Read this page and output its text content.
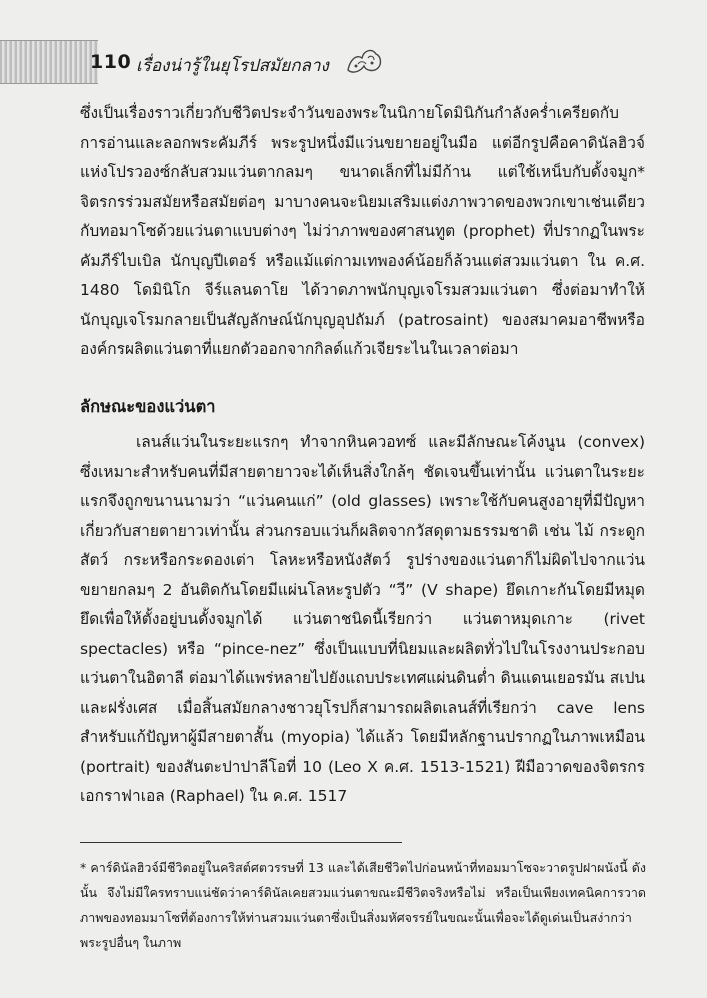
110 เรื่องน่ารู้ในยุโรปสมัยกลาง

ซึ่งเป็นเรื่องราวเกี่ยวกับชีวิตประจำวันของพระในนิกายโดมินิกันกำลังคร่ำเครียดกับการอ่านและลอกพระคัมภีร์ พระรูปหนึ่งมีแว่นขยายอยู่ในมือ แต่อีกรูปคือคาดินัลฮิวจ์แห่งโปรวองซ์กลับสวมแว่นตากลมๆ ขนาดเล็กที่ไม่มีก้าน แต่ใช้เหน็บกับดั้งจมูก* จิตรกรร่วมสมัยหรือสมัยต่อๆ มาบางคนจะนิยมเสริมแต่งภาพวาดของพวกเขาเช่นเดียวกับทอมาโซด้วยแว่นตาแบบต่างๆ ไม่ว่าภาพของศาสนทูต (prophet) ที่ปรากฏในพระคัมภีร์ไบเบิล นักบุญปีเตอร์ หรือแม้แต่กามเทพองค์น้อยก็ล้วนแต่สวมแว่นตา ใน ค.ศ. 1480 โดมินิโก จีร์แลนดาโย ได้วาดภาพนักบุญเจโรมสวมแว่นตา ซึ่งต่อมาทำให้นักบุญเจโรมกลายเป็นสัญลักษณ์นักบุญอุปถัมภ์ (patrosaint) ของสมาคมอาชีพหรือองค์กรผลิตแว่นตาที่แยกตัวออกจากกิลด์แก้วเจียระไนในเวลาต่อมา

ลักษณะของแว่นตา

เลนส์แว่นในระยะแรกๆ ทำจากหินควอทซ์ และมีลักษณะโค้งนูน (convex) ซึ่งเหมาะสำหรับคนที่มีสายตายาวจะได้เห็นสิ่งใกล้ๆ ชัดเจนขึ้นเท่านั้น แว่นตาในระยะแรกจึงถูกขนานนามว่า “แว่นคนแก่” (old glasses) เพราะใช้กับคนสูงอายุที่มีปัญหาเกี่ยวกับสายตายาวเท่านั้น ส่วนกรอบแว่นก็ผลิตจากวัสดุตามธรรมชาติ เช่น ไม้ กระดูกสัตว์ กระหรือกระดองเต่า โลหะหรือหนังสัตว์ รูปร่างของแว่นตาก็ไม่ผิดไปจากแว่นขยายกลมๆ 2 อันติดกันโดยมีแผ่นโลหะรูปตัว “วี” (V shape) ยึดเกาะกันโดยมีหมุดยึดเพื่อให้ตั้งอยู่บนดั้งจมูกได้ แว่นตาชนิดนี้เรียกว่า แว่นตาหมุดเกาะ (rivet spectacles) หรือ “pince-nez” ซึ่งเป็นแบบที่นิยมและผลิตทั่วไปในโรงงานประกอบแว่นตาในอิตาลี ต่อมาได้แพร่หลายไปยังแถบประเทศแผ่นดินต่ำ ดินแดนเยอรมัน สเปนและฝรั่งเศส เมื่อสิ้นสมัยกลางชาวยุโรปก็สามารถผลิตเลนส์ที่เรียกว่า cave lens สำหรับแก้ปัญหาผู้มีสายตาสั้น (myopia) ได้แล้ว โดยมีหลักฐานปรากฏในภาพเหมือน (portrait) ของสันตะปาปาลีโอที่ 10 (Leo X ค.ศ. 1513-1521) ฝีมือวาดของจิตรกรเอกราฟาเอล (Raphael) ใน ค.ศ. 1517

* คาร์ดินัลฮิวจ์มีชีวิตอยู่ในคริสต์ศตวรรษที่ 13 และได้เสียชีวิตไปก่อนหน้าที่ทอมมาโซจะวาดรูปฝาผนังนี้ ดังนั้น จึงไม่มีใครทราบแน่ชัดว่าคาร์ดินัลเคยสวมแว่นตาขณะมีชีวิตจริงหรือไม่ หรือเป็นเพียงเทคนิคการวาดภาพของทอมมาโซที่ต้องการให้ท่านสวมแว่นตาซึ่งเป็นสิ่งมหัศจรรย์ในขณะนั้นเพื่อจะได้ดูเด่นเป็นสง่ากว่าพระรูปอื่นๆ ในภาพ
